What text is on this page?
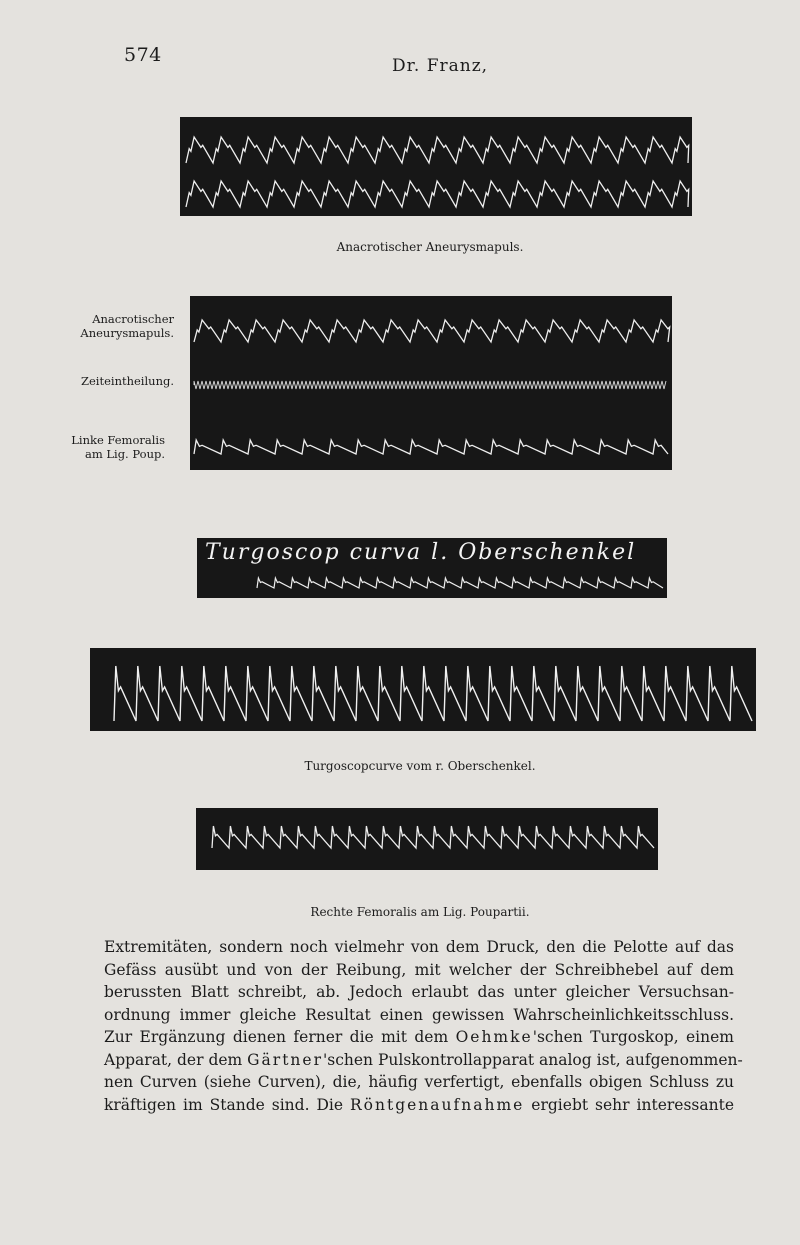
574	Dr. Franz,
Anacrotischer Aneurysmapuls.
Anacrotischer
Aneurysmapuls.
Zeiteintheilung.
Linke Femoralis
am Lig. Poup.
Turgoscop curva l. Oberschenkel
Turgoscopcurve vom r. Oberschenkel.
Rechte Femoralis am Lig. Poupartii.
Extremitäten, sondern noch vielmehr von dem Druck, den die Pelotte auf das
Gefäss ausübt und von der Reibung, mit welcher der Schreibhebel auf dem
berussten Blatt schreibt, ab. Jedoch erlaubt das unter gleicher Versuchsan-
ordnung immer gleiche Resultat einen gewissen Wahrscheinlichkeitsschluss.
Zur Ergänzung dienen ferner die mit dem Oehmke'schen Turgoskop, einem
Apparat, der dem Gärtner'schen Pulskontrollapparat analog ist, aufgenommen-
nen Curven (siehe Curven), die, häufig verfertigt, ebenfalls obigen Schluss zu
kräftigen im Stande sind. Die Röntgenaufnahme ergiebt sehr interessante
